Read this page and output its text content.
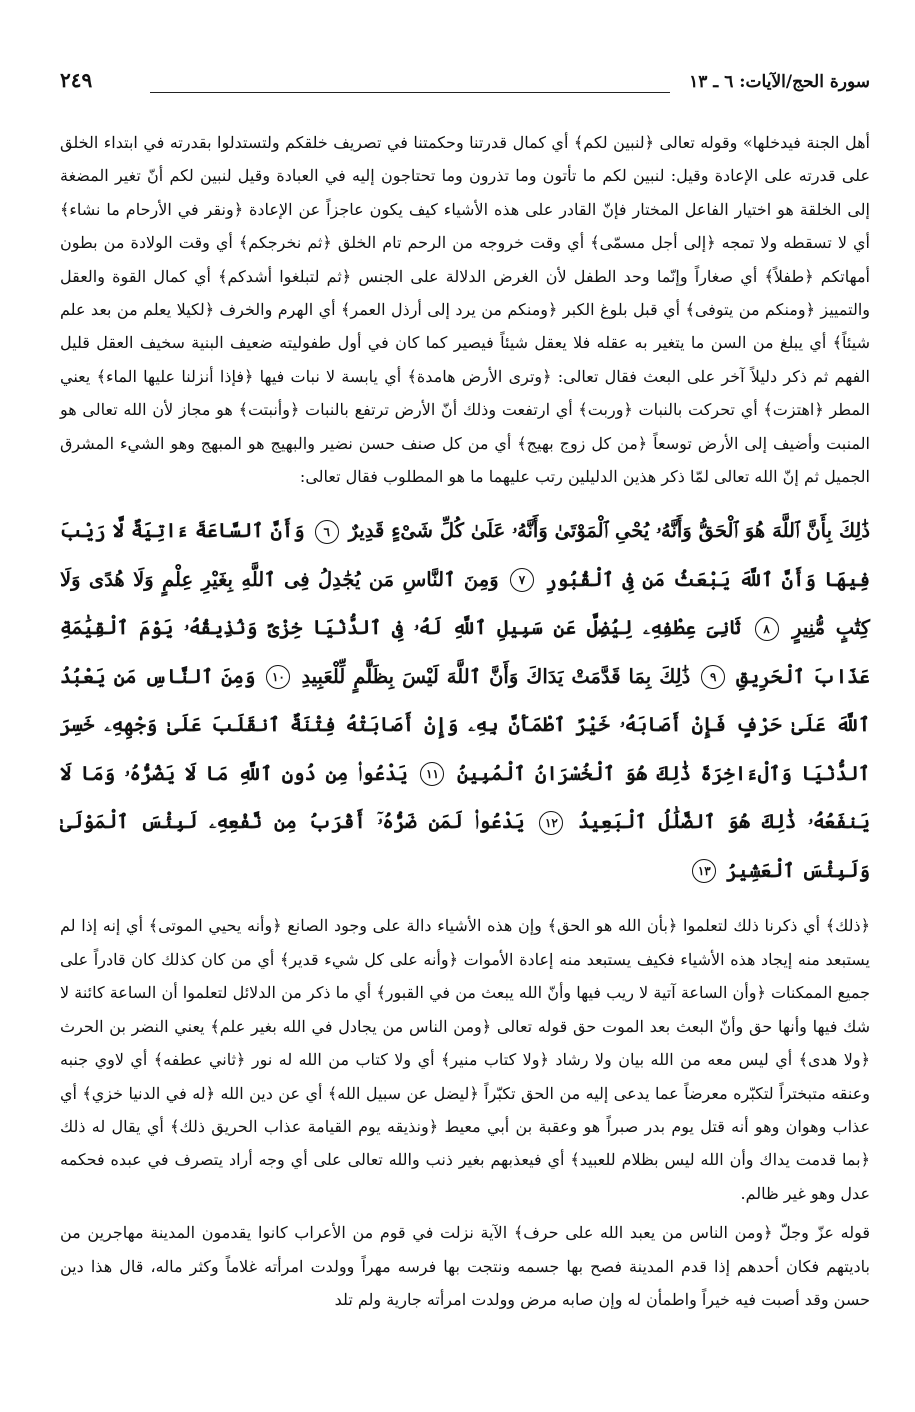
سورة الحج/الآيات: ٦ ـ ١٣
٢٤٩

أهل الجنة فيدخلها» وقوله تعالى ﴿لنبين لكم﴾ أي كمال قدرتنا وحكمتنا في تصريف خلقكم ولتستدلوا بقدرته في ابتداء الخلق على قدرته على الإعادة وقيل: لنبين لكم ما تأتون وما تذرون وما تحتاجون إليه في العبادة وقيل لنبين لكم أنّ تغير المضغة إلى الخلقة هو اختيار الفاعل المختار فإنّ القادر على هذه الأشياء كيف يكون عاجزاً عن الإعادة ﴿ونقر في الأرحام ما نشاء﴾ أي لا تسقطه ولا تمجه ﴿إلى أجل مسمّى﴾ أي وقت خروجه من الرحم تام الخلق ﴿ثم نخرجكم﴾ أي وقت الولادة من بطون أمهاتكم ﴿طفلاً﴾ أي صغاراً وإنّما وحد الطفل لأن الغرض الدلالة على الجنس ﴿ثم لتبلغوا أشدكم﴾ أي كمال القوة والعقل والتمييز ﴿ومنكم من يتوفى﴾ أي قبل بلوغ الكبر ﴿ومنكم من يرد إلى أرذل العمر﴾ أي الهرم والخرف ﴿لكيلا يعلم من بعد علم شيئاً﴾ أي يبلغ من السن ما يتغير به عقله فلا يعقل شيئاً فيصير كما كان في أول طفوليته ضعيف البنية سخيف العقل قليل الفهم ثم ذكر دليلاً آخر على البعث فقال تعالى: ﴿وترى الأرض هامدة﴾ أي يابسة لا نبات فيها ﴿فإذا أنزلنا عليها الماء﴾ يعني المطر ﴿اهتزت﴾ أي تحركت بالنبات ﴿وربت﴾ أي ارتفعت وذلك أنّ الأرض ترتفع بالنبات ﴿وأنبتت﴾ هو مجاز لأن الله تعالى هو المنبت وأضيف إلى الأرض توسعاً ﴿من كل زوج بهيج﴾ أي من كل صنف حسن نضير والبهيج هو المبهج وهو الشيء المشرق الجميل ثم إنّ الله تعالى لمّا ذكر هذين الدليلين رتب عليهما ما هو المطلوب فقال تعالى:

ذَٰلِكَ بِأَنَّ ٱللَّهَ هُوَ ٱلْحَقُّ وَأَنَّهُۥ يُحْىِ ٱلْمَوْتَىٰ وَأَنَّهُۥ عَلَىٰ كُلِّ شَىْءٍ قَدِيرٌ ٦ وَأَنَّ ٱلسَّاعَةَ ءَاتِيَةٌ لَّا رَيْبَ فِيهَا وَأَنَّ ٱللَّهَ يَبْعَثُ مَن فِى ٱلْقُبُورِ ٧ وَمِنَ ٱلنَّاسِ مَن يُجَٰدِلُ فِى ٱللَّهِ بِغَيْرِ عِلْمٍ وَلَا هُدًى وَلَا كِتَٰبٍ مُّنِيرٍ ٨ ثَانِىَ عِطْفِهِۦ لِيُضِلَّ عَن سَبِيلِ ٱللَّهِ لَهُۥ فِى ٱلدُّنْيَا خِزْىٌ وَنُذِيقُهُۥ يَوْمَ ٱلْقِيَٰمَةِ عَذَابَ ٱلْحَرِيقِ ٩ ذَٰلِكَ بِمَا قَدَّمَتْ يَدَاكَ وَأَنَّ ٱللَّهَ لَيْسَ بِظَلَّٰمٍ لِّلْعَبِيدِ ١٠ وَمِنَ ٱلنَّاسِ مَن يَعْبُدُ ٱللَّهَ عَلَىٰ حَرْفٍ فَإِنْ أَصَابَهُۥ خَيْرٌ ٱطْمَأَنَّ بِهِۦ وَإِنْ أَصَابَتْهُ فِتْنَةٌ ٱنقَلَبَ عَلَىٰ وَجْهِهِۦ خَسِرَ ٱلدُّنْيَا وَٱلْءَاخِرَةَ ذَٰلِكَ هُوَ ٱلْخُسْرَانُ ٱلْمُبِينُ ١١ يَدْعُوا۟ مِن دُونِ ٱللَّهِ مَا لَا يَضُرُّهُۥ وَمَا لَا يَنفَعُهُۥ ذَٰلِكَ هُوَ ٱلضَّلَٰلُ ٱلْبَعِيدُ ١٢ يَدْعُوا۟ لَمَن ضَرُّهُۥٓ أَقْرَبُ مِن نَّفْعِهِۦ لَبِئْسَ ٱلْمَوْلَىٰ وَلَبِئْسَ ٱلْعَشِيرُ ١٣

﴿ذلك﴾ أي ذكرنا ذلك لتعلموا ﴿بأن الله هو الحق﴾ وإن هذه الأشياء دالة على وجود الصانع ﴿وأنه يحيي الموتى﴾ أي إنه إذا لم يستبعد منه إيجاد هذه الأشياء فكيف يستبعد منه إعادة الأموات ﴿وأنه على كل شيء قدير﴾ أي من كان كذلك كان قادراً على جميع الممكنات ﴿وأن الساعة آتية لا ريب فيها وأنّ الله يبعث من في القبور﴾ أي ما ذكر من الدلائل لتعلموا أن الساعة كائنة لا شك فيها وأنها حق وأنّ البعث بعد الموت حق قوله تعالى ﴿ومن الناس من يجادل في الله بغير علم﴾ يعني النضر بن الحرث ﴿ولا هدى﴾ أي ليس معه من الله بيان ولا رشاد ﴿ولا كتاب منير﴾ أي ولا كتاب من الله له نور ﴿ثاني عطفه﴾ أي لاوي جنبه وعنقه متبختراً لتكبّره معرضاً عما يدعى إليه من الحق تكبّراً ﴿ليضل عن سبيل الله﴾ أي عن دين الله ﴿له في الدنيا خزي﴾ أي عذاب وهوان وهو أنه قتل يوم بدر صبراً هو وعقبة بن أبي معيط ﴿ونذيقه يوم القيامة عذاب الحريق ذلك﴾ أي يقال له ذلك ﴿بما قدمت يداك وأن الله ليس بظلام للعبيد﴾ أي فيعذبهم بغير ذنب والله تعالى على أي وجه أراد يتصرف في عبده فحكمه عدل وهو غير ظالم.

قوله عزّ وجلّ ﴿ومن الناس من يعبد الله على حرف﴾ الآية نزلت في قوم من الأعراب كانوا يقدمون المدينة مهاجرين من باديتهم فكان أحدهم إذا قدم المدينة فصح بها جسمه ونتجت بها فرسه مهراً وولدت امرأته غلاماً وكثر ماله، قال هذا دين حسن وقد أصبت فيه خيراً واطمأن له وإن صابه مرض وولدت امرأته جارية ولم تلد
